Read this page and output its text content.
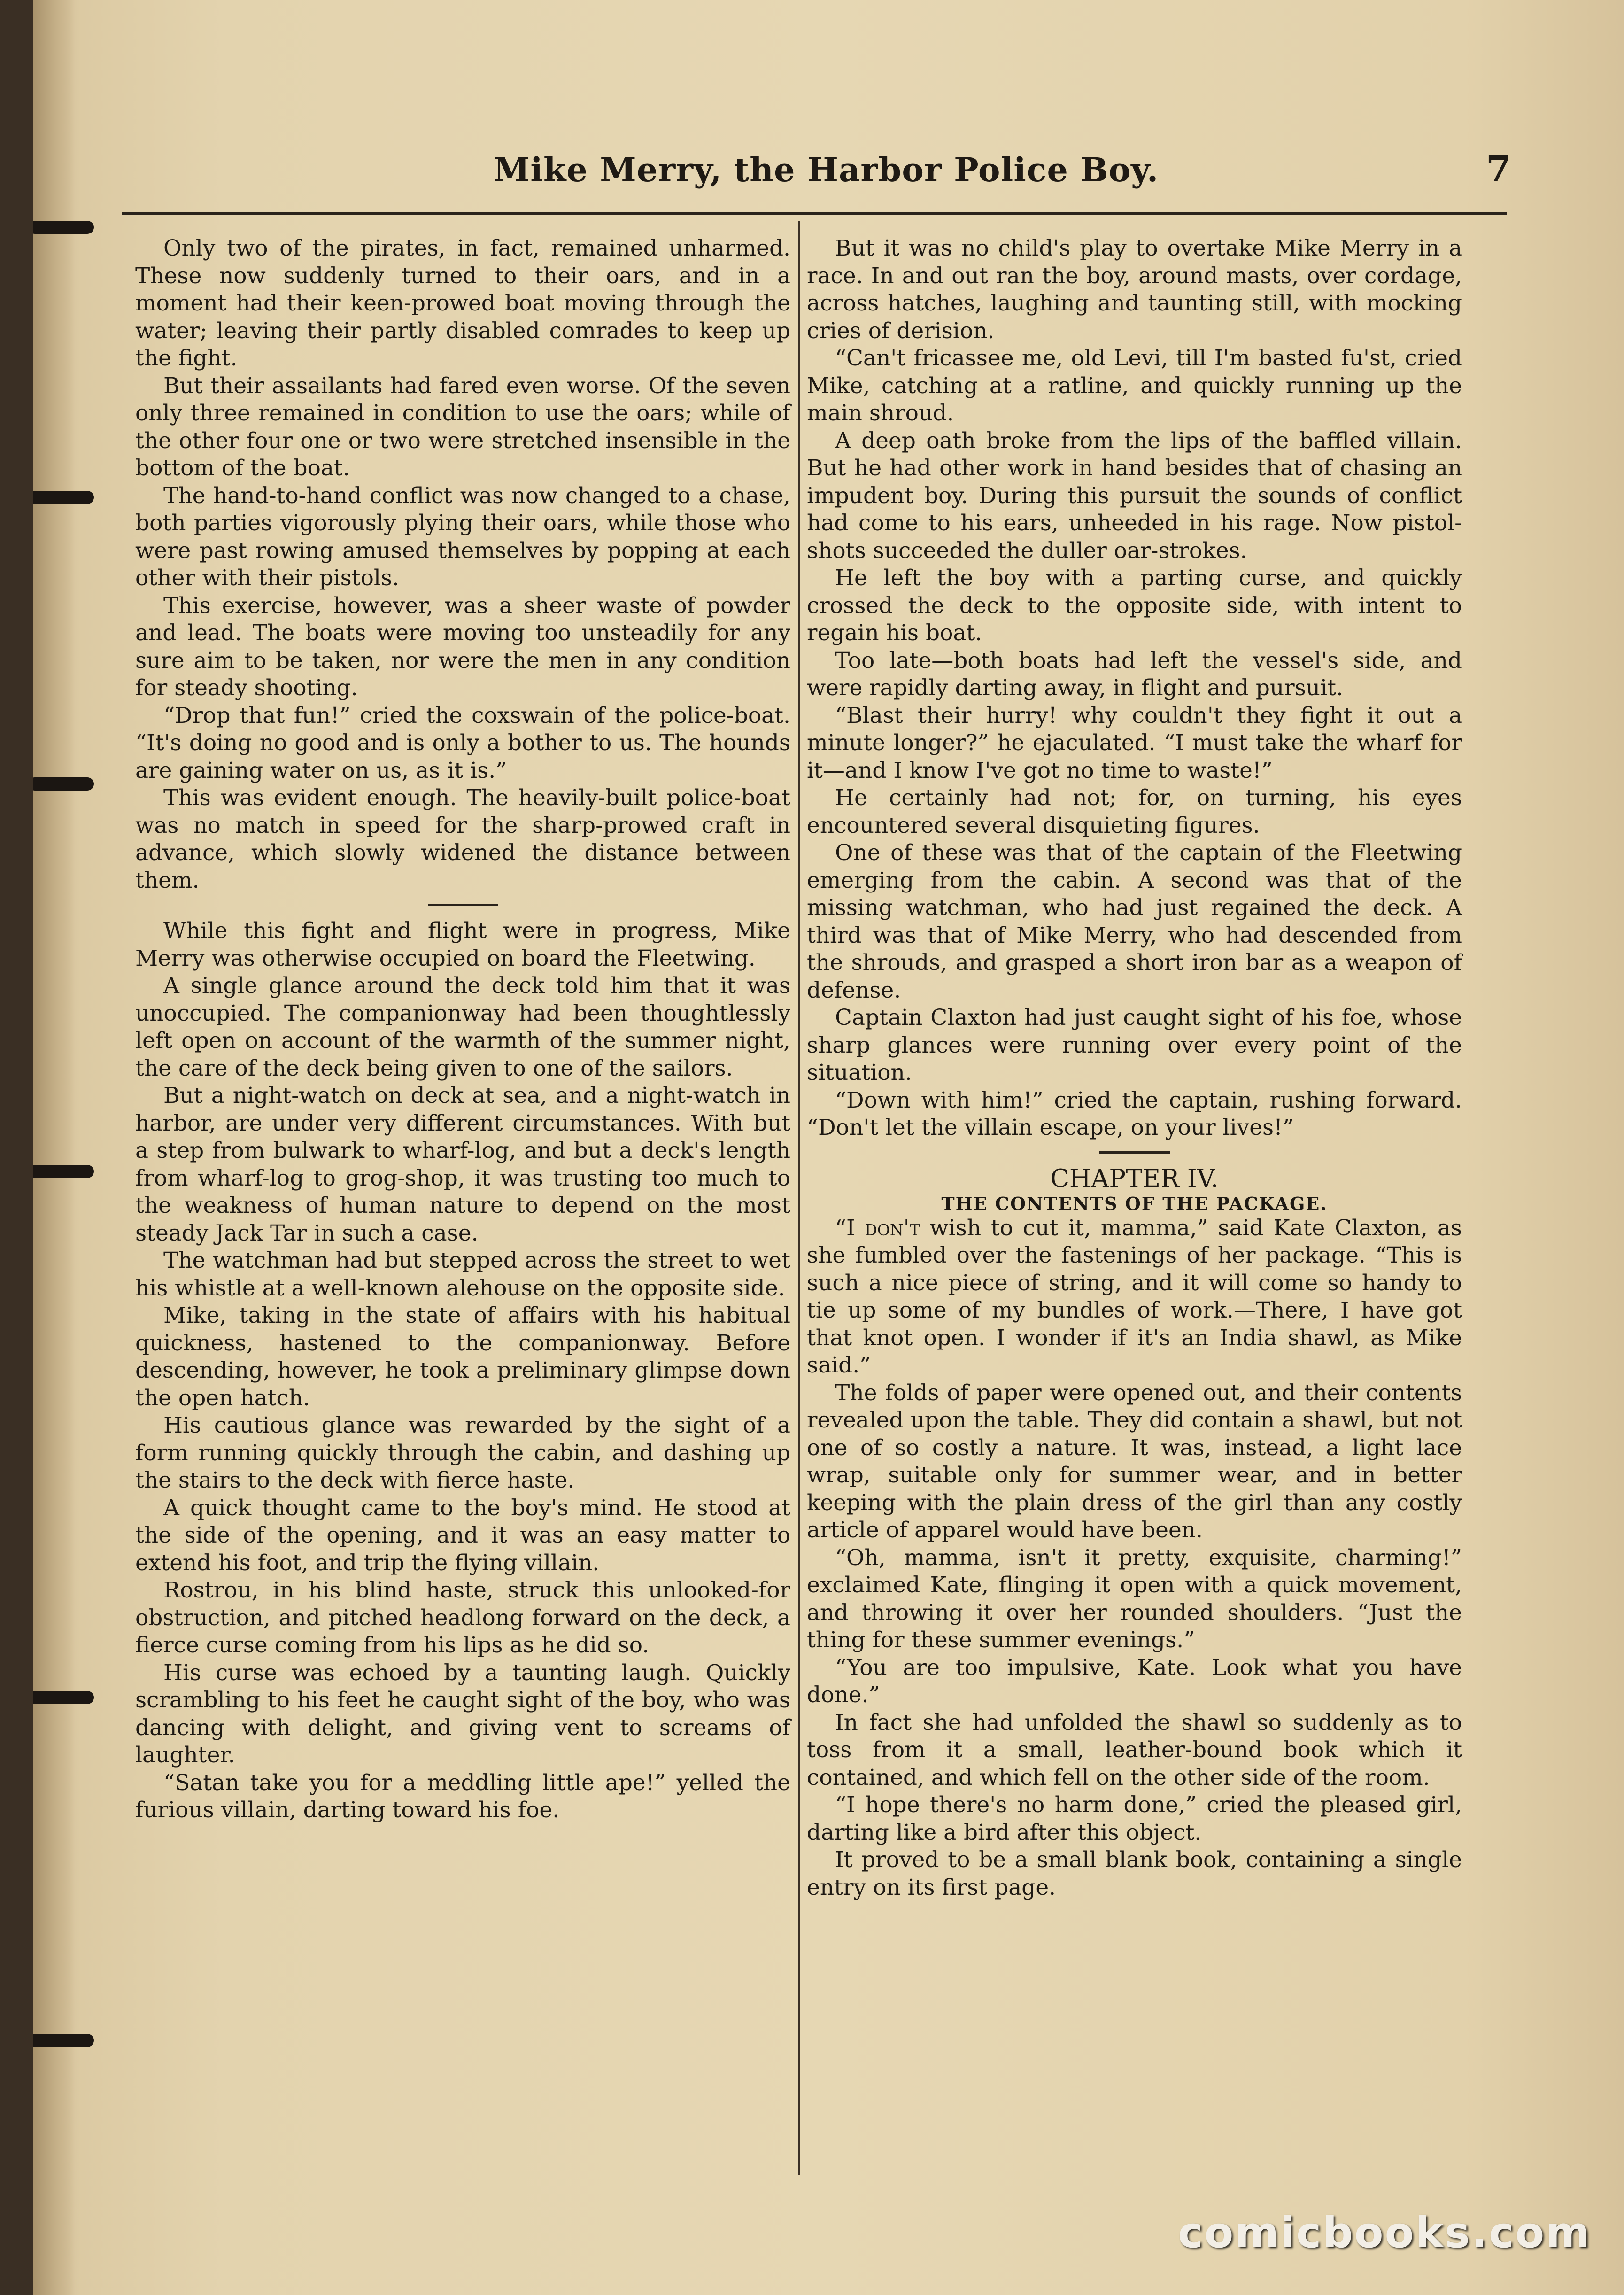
Mike Merry, the Harbor Police Boy.	7

Only two of the pirates, in fact, remained unharmed. These now suddenly turned to their oars, and in a moment had their keen-prowed boat moving through the water; leaving their partly disabled comrades to keep up the fight.

But their assailants had fared even worse. Of the seven only three remained in condition to use the oars; while of the other four one or two were stretched insensible in the bottom of the boat.

The hand-to-hand conflict was now changed to a chase, both parties vigorously plying their oars, while those who were past rowing amused themselves by popping at each other with their pistols.

This exercise, however, was a sheer waste of powder and lead. The boats were moving too unsteadily for any sure aim to be taken, nor were the men in any condition for steady shooting.

“Drop that fun!” cried the coxswain of the police-boat. “It's doing no good and is only a bother to us. The hounds are gaining water on us, as it is.”

This was evident enough. The heavily-built police-boat was no match in speed for the sharp-prowed craft in advance, which slowly widened the distance between them.

While this fight and flight were in progress, Mike Merry was otherwise occupied on board the Fleetwing.

A single glance around the deck told him that it was unoccupied. The companionway had been thoughtlessly left open on account of the warmth of the summer night, the care of the deck being given to one of the sailors.

But a night-watch on deck at sea, and a night-watch in harbor, are under very different circumstances. With but a step from bulwark to wharf-log, and but a deck's length from wharf-log to grog-shop, it was trusting too much to the weakness of human nature to depend on the most steady Jack Tar in such a case.

The watchman had but stepped across the street to wet his whistle at a well-known alehouse on the opposite side.

Mike, taking in the state of affairs with his habitual quickness, hastened to the companionway. Before descending, however, he took a preliminary glimpse down the open hatch.

His cautious glance was rewarded by the sight of a form running quickly through the cabin, and dashing up the stairs to the deck with fierce haste.

A quick thought came to the boy's mind. He stood at the side of the opening, and it was an easy matter to extend his foot, and trip the flying villain.

Rostrou, in his blind haste, struck this unlooked-for obstruction, and pitched headlong forward on the deck, a fierce curse coming from his lips as he did so.

His curse was echoed by a taunting laugh. Quickly scrambling to his feet he caught sight of the boy, who was dancing with delight, and giving vent to screams of laughter.

“Satan take you for a meddling little ape!” yelled the furious villain, darting toward his foe.

But it was no child's play to overtake Mike Merry in a race. In and out ran the boy, around masts, over cordage, across hatches, laughing and taunting still, with mocking cries of derision.

“Can't fricassee me, old Levi, till I'm basted fu'st, cried Mike, catching at a ratline, and quickly running up the main shroud.

A deep oath broke from the lips of the baffled villain. But he had other work in hand besides that of chasing an impudent boy. During this pursuit the sounds of conflict had come to his ears, unheeded in his rage. Now pistol-shots succeeded the duller oar-strokes.

He left the boy with a parting curse, and quickly crossed the deck to the opposite side, with intent to regain his boat.

Too late—both boats had left the vessel's side, and were rapidly darting away, in flight and pursuit.

“Blast their hurry! why couldn't they fight it out a minute longer?” he ejaculated. “I must take the wharf for it—and I know I've got no time to waste!”

He certainly had not; for, on turning, his eyes encountered several disquieting figures.

One of these was that of the captain of the Fleetwing emerging from the cabin. A second was that of the missing watchman, who had just regained the deck. A third was that of Mike Merry, who had descended from the shrouds, and grasped a short iron bar as a weapon of defense.

Captain Claxton had just caught sight of his foe, whose sharp glances were running over every point of the situation.

“Down with him!” cried the captain, rushing forward. “Don't let the villain escape, on your lives!”

CHAPTER IV.

THE CONTENTS OF THE PACKAGE.

“I don't wish to cut it, mamma,” said Kate Claxton, as she fumbled over the fastenings of her package. “This is such a nice piece of string, and it will come so handy to tie up some of my bundles of work.—There, I have got that knot open. I wonder if it's an India shawl, as Mike said.”

The folds of paper were opened out, and their contents revealed upon the table. They did contain a shawl, but not one of so costly a nature. It was, instead, a light lace wrap, suitable only for summer wear, and in better keeping with the plain dress of the girl than any costly article of apparel would have been.

“Oh, mamma, isn't it pretty, exquisite, charming!” exclaimed Kate, flinging it open with a quick movement, and throwing it over her rounded shoulders. “Just the thing for these summer evenings.”

“You are too impulsive, Kate. Look what you have done.”

In fact she had unfolded the shawl so suddenly as to toss from it a small, leather-bound book which it contained, and which fell on the other side of the room.

“I hope there's no harm done,” cried the pleased girl, darting like a bird after this object.

It proved to be a small blank book, containing a single entry on its first page.

comicbooks.com
